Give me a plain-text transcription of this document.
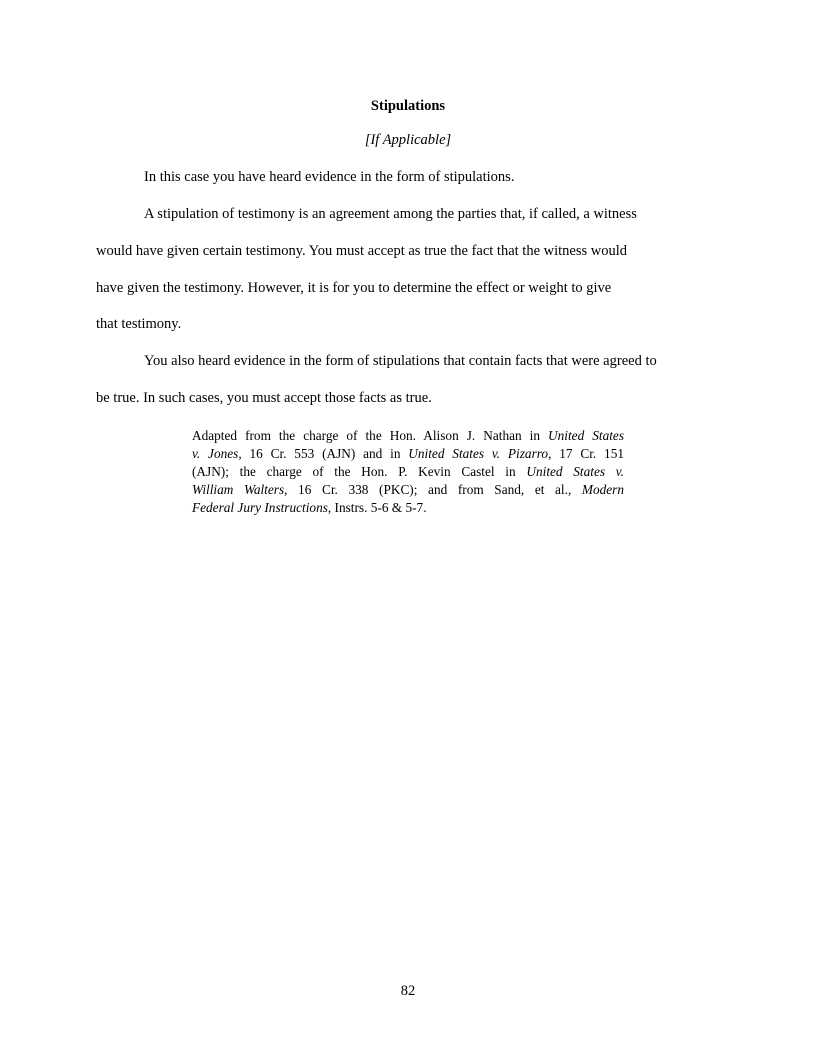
Stipulations
[If Applicable]
In this case you have heard evidence in the form of stipulations.
A stipulation of testimony is an agreement among the parties that, if called, a witness
would have given certain testimony. You must accept as true the fact that the witness would
have given the testimony. However, it is for you to determine the effect or weight to give
that testimony.
You also heard evidence in the form of stipulations that contain facts that were agreed to
be true. In such cases, you must accept those facts as true.
Adapted from the charge of the Hon. Alison J. Nathan in United States
v. Jones, 16 Cr. 553 (AJN) and in United States v. Pizarro, 17 Cr. 151
(AJN); the charge of the Hon. P. Kevin Castel in United States v.
William Walters, 16 Cr. 338 (PKC); and from Sand, et al., Modern
Federal Jury Instructions, Instrs. 5-6 & 5-7.
82
